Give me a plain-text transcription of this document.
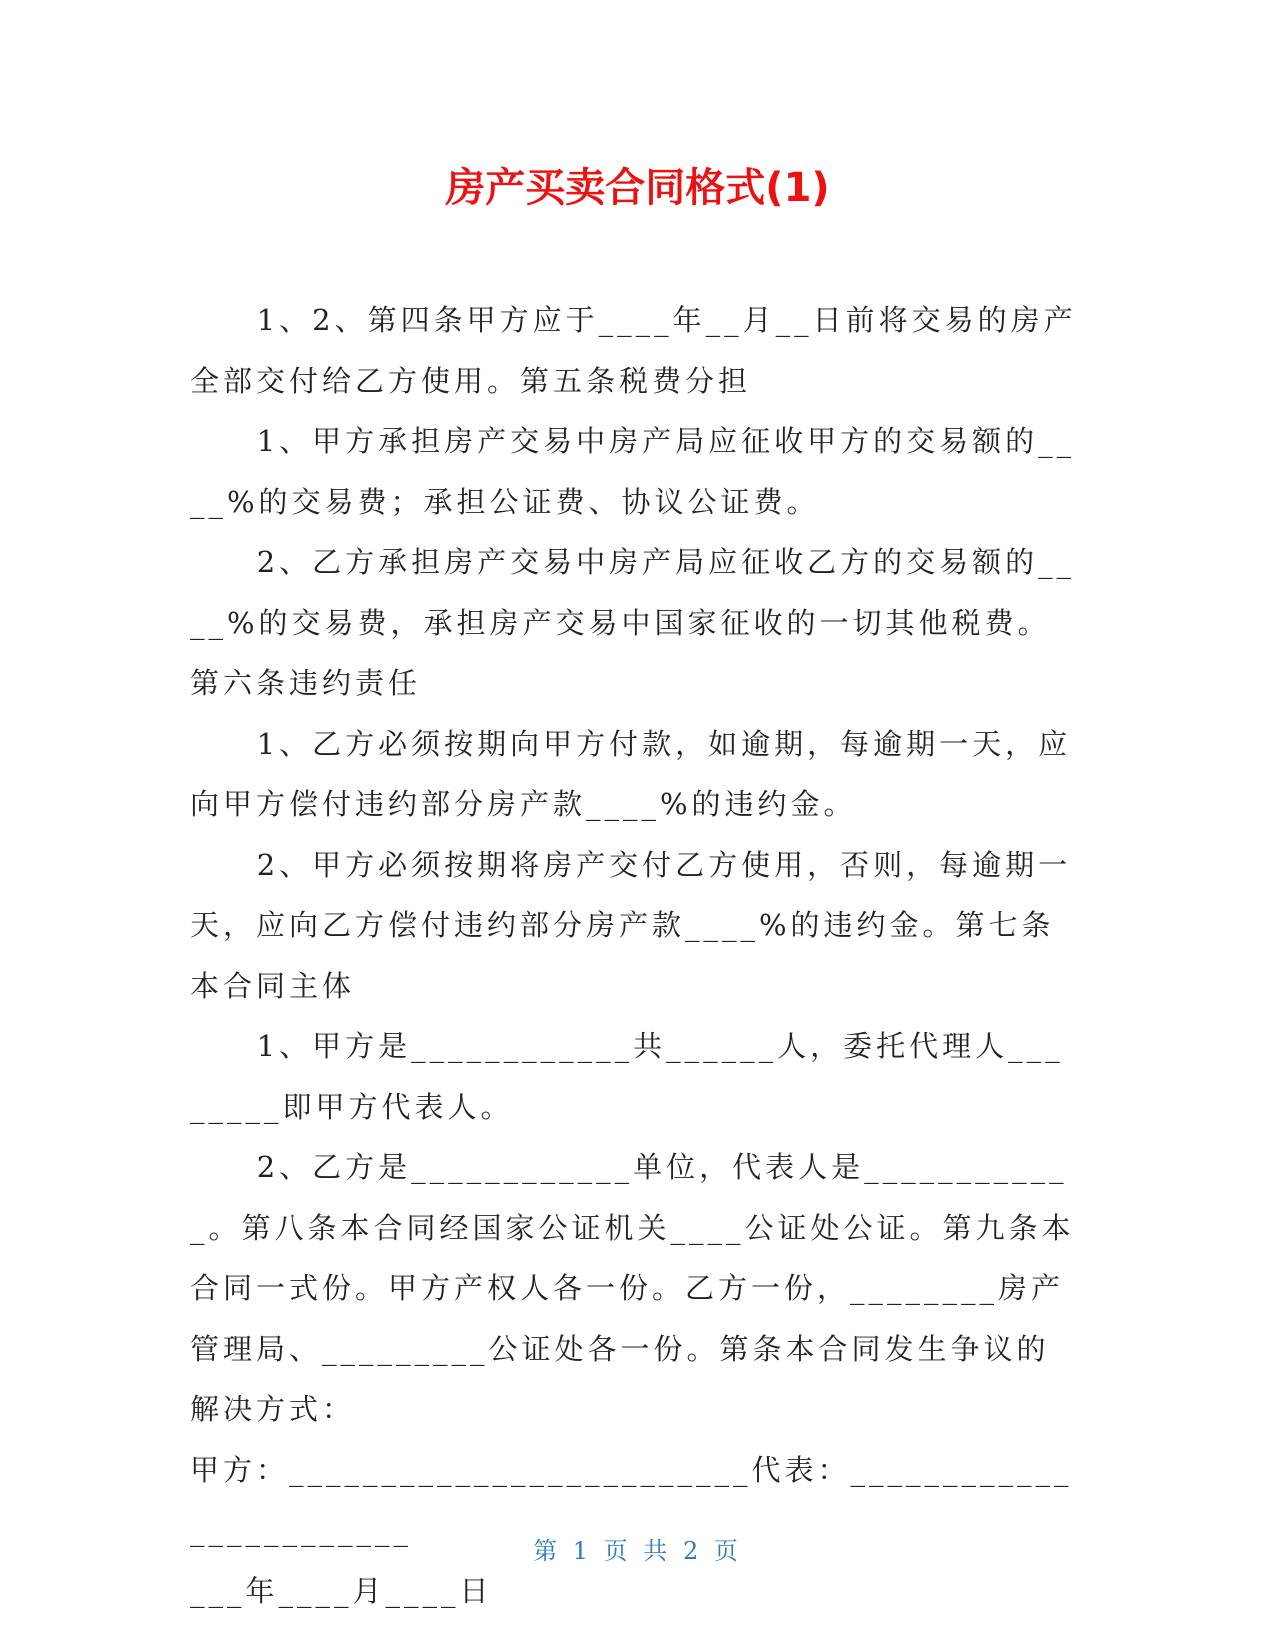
房产买卖合同格式(1)

1、2、第四条甲方应于____年__月__日前将交易的房产全部交付给乙方使用。第五条税费分担

1、甲方承担房产交易中房产局应征收甲方的交易额的____%的交易费；承担公证费、协议公证费。

2、乙方承担房产交易中房产局应征收乙方的交易额的____%的交易费，承担房产交易中国家征收的一切其他税费。第六条违约责任

1、乙方必须按期向甲方付款，如逾期，每逾期一天，应向甲方偿付违约部分房产款____%的违约金。

2、甲方必须按期将房产交付乙方使用，否则，每逾期一天，应向乙方偿付违约部分房产款____%的违约金。第七条本合同主体

1、甲方是____________共______人，委托代理人________即甲方代表人。

2、乙方是____________单位，代表人是____________。第八条本合同经国家公证机关____公证处公证。第九条本合同一式份。甲方产权人各一份。乙方一份，________房产管理局、_________公证处各一份。第条本合同发生争议的解决方式：

甲方：_________________________代表：________________________

___年____月____日

第 1 页 共 2 页
